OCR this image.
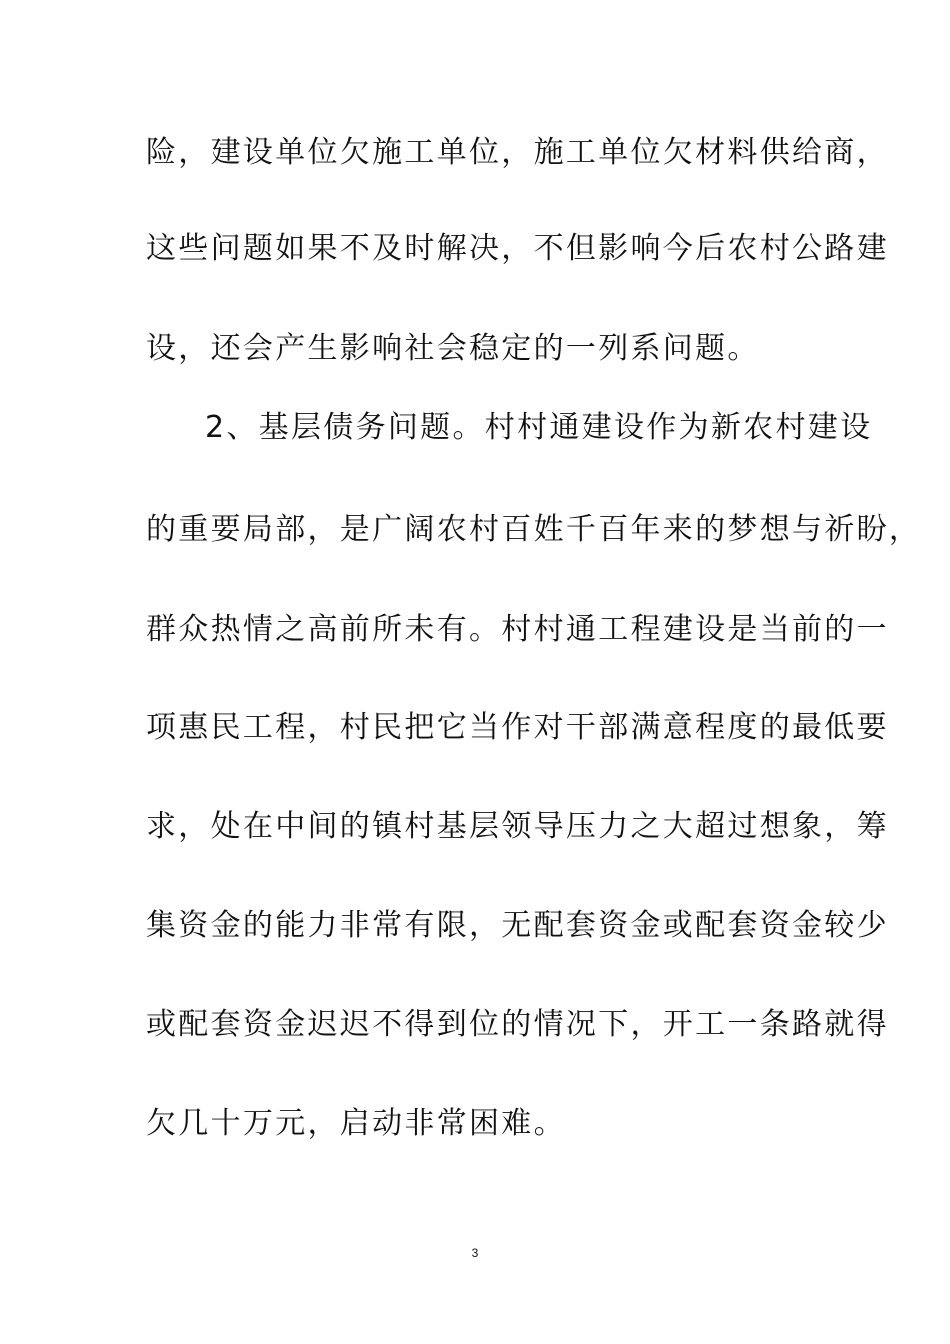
险，建设单位欠施工单位，施工单位欠材料供给商，

这些问题如果不及时解决，不但影响今后农村公路建

设，还会产生影响社会稳定的一列系问题。

2、基层债务问题。村村通建设作为新农村建设

的重要局部，是广阔农村百姓千百年来的梦想与祈盼，

群众热情之高前所未有。村村通工程建设是当前的一

项惠民工程，村民把它当作对干部满意程度的最低要

求，处在中间的镇村基层领导压力之大超过想象，筹

集资金的能力非常有限，无配套资金或配套资金较少

或配套资金迟迟不得到位的情况下，开工一条路就得

欠几十万元，启动非常困难。

3
